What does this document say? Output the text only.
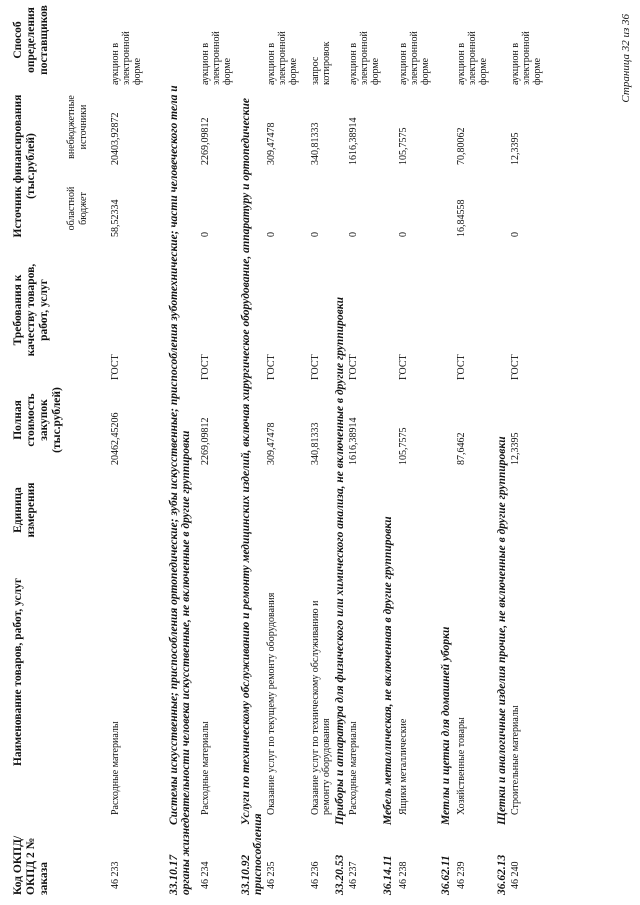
Код ОКПД/ ОКПД 2 № заказа
Наименование товаров, работ, услуг
Единица измерения
Полная стоимость закупок (тыс.рублей)
Требования к качеству товаров, работ, услуг
Источник финансирования (тыс.рублей)
областной бюджет
внебюджетные источники
Способ определения поставщиков
46 233
Расходные материалы
20462,45206
ГОСТ
58,52334
20403,92872
аукцион в электронной форме
33.10.17Системы искусственные; приспособления ортопедические; зубы искусственные; приспособления зуботехнические; части человеческого тела и органы жизнедеятельности человека искусственные, не включенные в другие группировки 46 234
Расходные материалы
2269,09812
ГОСТ
0
2269,09812
аукцион в электронной форме
33.10.92Услуги по техническому обслуживанию и ремонту медицинских изделий, включая хирургическое оборудование, аппаратуру и ортопедические приспособления 46 235
Оказание услуг по текущему ремонту оборудования
309,47478
ГОСТ
0
309,47478
аукцион в электронной форме
46 236
Оказание услуг по техническому обслуживанию и ремонту оборудования
340,81333
ГОСТ
0
340,81333
запрос котировок
33.20.53Приборы и аппаратура для физического или химического анализа, не включенные в другие группировки
46 237
Расходные материалы
1616,38914
ГОСТ
0
1616,38914
аукцион в электронной форме
36.14.11Мебель металлическая, не включенная в другие группировки
46 238
Ящики металлические
105,7575
ГОСТ
0
105,7575
аукцион в электронной форме
36.62.11Метлы и щетки для домашней уборки
46 239
Хозяйственные товары
87,6462
ГОСТ
16,84558
70,80062
аукцион в электронной форме
36.62.13Щетки и аналогичные изделия прочие, не включенные в другие группировки
46 240
Строительные материалы
12,3395
ГОСТ
0
12,3395
аукцион в электронной форме	Страница 32 из 36
